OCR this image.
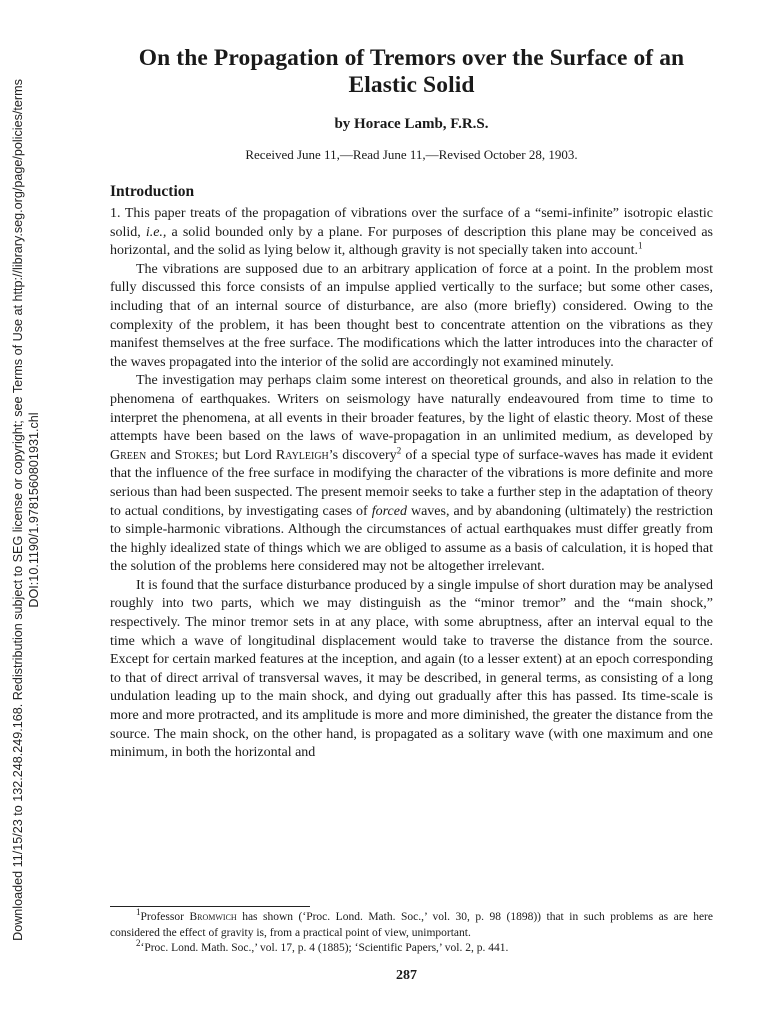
Downloaded 11/15/23 to 132.248.249.168. Redistribution subject to SEG license or copyright; see Terms of Use at http://library.seg.org/page/policies/terms DOI:10.1190/1.9781560801931.chl
On the Propagation of Tremors over the Surface of an Elastic Solid
by Horace Lamb, F.R.S.
Received June 11,—Read June 11,—Revised October 28, 1903.
Introduction

1. This paper treats of the propagation of vibrations over the surface of a “semi-infinite” isotropic elastic solid, i.e., a solid bounded only by a plane. For purposes of description this plane may be conceived as horizontal, and the solid as lying below it, although gravity is not specially taken into account.$^1$

The vibrations are supposed due to an arbitrary application of force at a point. In the problem most fully discussed this force consists of an impulse applied vertically to the surface; but some other cases, including that of an internal source of disturbance, are also (more briefly) considered. Owing to the complexity of the problem, it has been thought best to concentrate attention on the vibrations as they manifest themselves at the free surface. The modifications which the latter introduces into the character of the waves propagated into the interior of the solid are accordingly not examined minutely.

The investigation may perhaps claim some interest on theoretical grounds, and also in relation to the phenomena of earthquakes. Writers on seismology have naturally endeavoured from time to time to interpret the phenomena, at all events in their broader features, by the light of elastic theory. Most of these attempts have been based on the laws of wave-propagation in an unlimited medium, as developed by Green and Stokes; but Lord Rayleigh’s discovery$^2$ of a special type of surface-waves has made it evident that the influence of the free surface in modifying the character of the vibrations is more definite and more serious than had been suspected. The present memoir seeks to take a further step in the adaptation of theory to actual conditions, by investigating cases of forced waves, and by abandoning (ultimately) the restriction to simple-harmonic vibrations. Although the circumstances of actual earthquakes must differ greatly from the highly idealized state of things which we are obliged to assume as a basis of calculation, it is hoped that the solution of the problems here considered may not be altogether irrelevant.

It is found that the surface disturbance produced by a single impulse of short duration may be analysed roughly into two parts, which we may distinguish as the “minor tremor” and the “main shock,” respectively. The minor tremor sets in at any place, with some abruptness, after an interval equal to the time which a wave of longitudinal displacement would take to traverse the distance from the source. Except for certain marked features at the inception, and again (to a lesser extent) at an epoch corresponding to that of direct arrival of transversal waves, it may be described, in general terms, as consisting of a long undulation leading up to the main shock, and dying out gradually after this has passed. Its time-scale is more and more protracted, and its amplitude is more and more diminished, the greater the distance from the source. The main shock, on the other hand, is propagated as a solitary wave (with one maximum and one minimum, in both the horizontal and

$^1$Professor Bromwich has shown (‘Proc. Lond. Math. Soc.,’ vol. 30, p. 98 (1898)) that in such problems as are here considered the effect of gravity is, from a practical point of view, unimportant.

$^2$‘Proc. Lond. Math. Soc.,’ vol. 17, p. 4 (1885); ‘Scientific Papers,’ vol. 2, p. 441.

287
